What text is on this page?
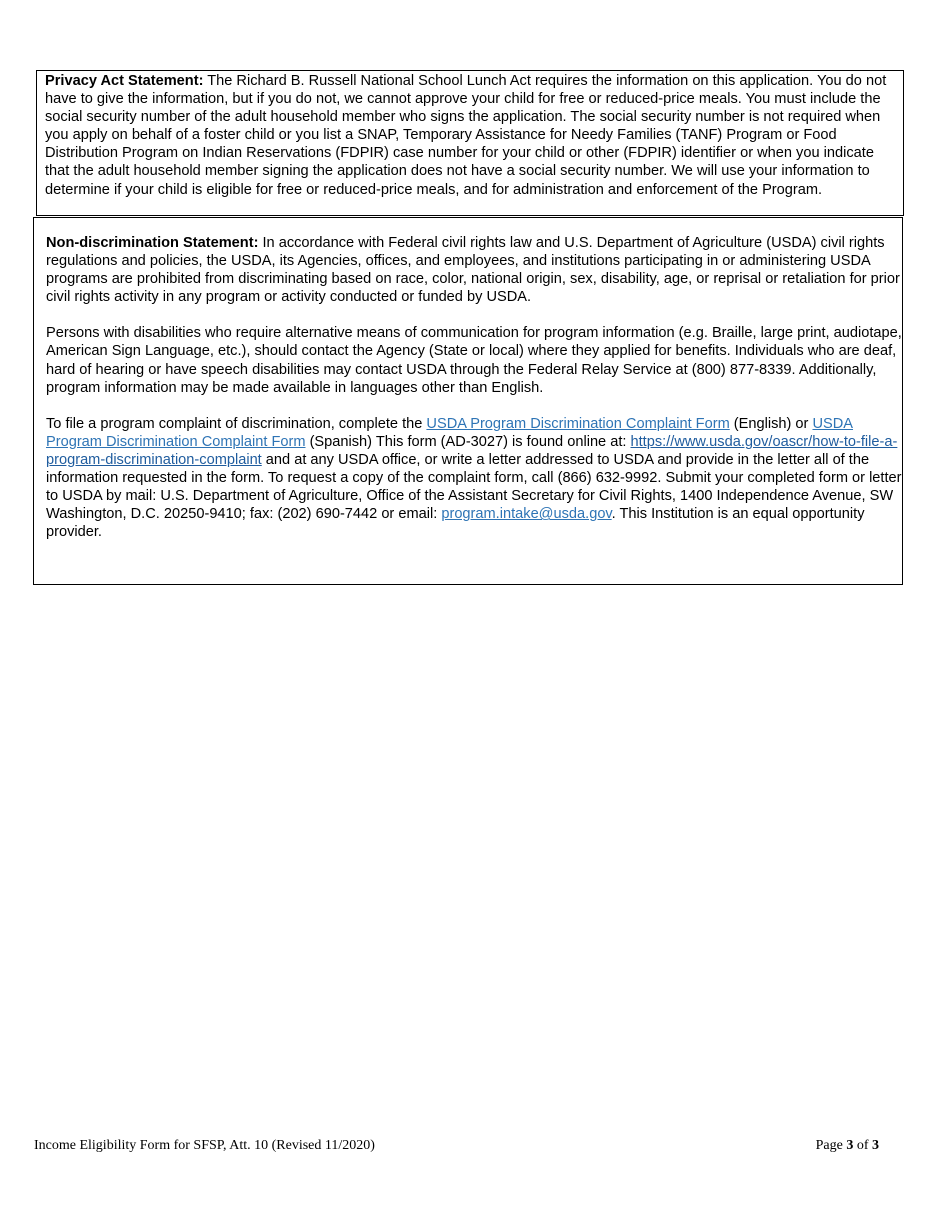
Privacy Act Statement: The Richard B. Russell National School Lunch Act requires the information on this application. You do not have to give the information, but if you do not, we cannot approve your child for free or reduced-price meals. You must include the social security number of the adult household member who signs the application. The social security number is not required when you apply on behalf of a foster child or you list a SNAP, Temporary Assistance for Needy Families (TANF) Program or Food Distribution Program on Indian Reservations (FDPIR) case number for your child or other (FDPIR) identifier or when you indicate that the adult household member signing the application does not have a social security number. We will use your information to determine if your child is eligible for free or reduced-price meals, and for administration and enforcement of the Program.

Non-discrimination Statement: In accordance with Federal civil rights law and U.S. Department of Agriculture (USDA) civil rights regulations and policies, the USDA, its Agencies, offices, and employees, and institutions participating in or administering USDA programs are prohibited from discriminating based on race, color, national origin, sex, disability, age, or reprisal or retaliation for prior civil rights activity in any program or activity conducted or funded by USDA.

Persons with disabilities who require alternative means of communication for program information (e.g. Braille, large print, audiotape, American Sign Language, etc.), should contact the Agency (State or local) where they applied for benefits. Individuals who are deaf, hard of hearing or have speech disabilities may contact USDA through the Federal Relay Service at (800) 877-8339. Additionally, program information may be made available in languages other than English.

To file a program complaint of discrimination, complete the USDA Program Discrimination Complaint Form (English) or USDA Program Discrimination Complaint Form (Spanish) This form (AD-3027) is found online at: https://www.usda.gov/oascr/how-to-file-a-program-discrimination-complaint and at any USDA office, or write a letter addressed to USDA and provide in the letter all of the information requested in the form. To request a copy of the complaint form, call (866) 632-9992. Submit your completed form or letter to USDA by mail: U.S. Department of Agriculture, Office of the Assistant Secretary for Civil Rights, 1400 Independence Avenue, SW Washington, D.C. 20250-9410; fax: (202) 690-7442 or email: program.intake@usda.gov. This Institution is an equal opportunity provider.

Income Eligibility Form for SFSP, Att. 10 (Revised 11/2020)	Page 3 of 3
